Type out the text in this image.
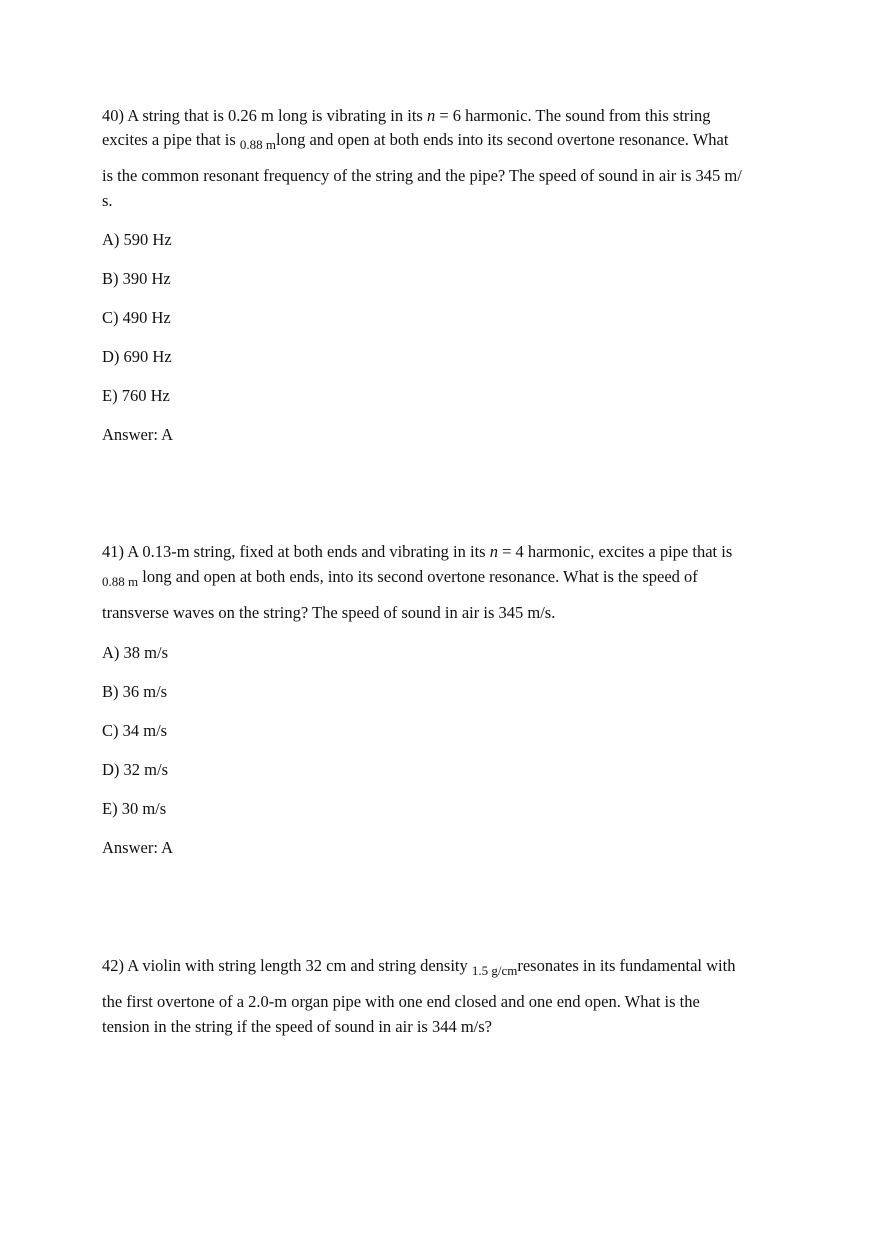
40) A string that is 0.26 m long is vibrating in its n = 6 harmonic. The sound from this string
excites a pipe that is $_{0.88 m}$long and open at both ends into its second overtone resonance. What
is the common resonant frequency of the string and the pipe? The speed of sound in air is 345 m/
s.
A) 590 Hz
B) 390 Hz
C) 490 Hz
D) 690 Hz
E) 760 Hz
Answer: A
41) A 0.13-m string, fixed at both ends and vibrating in its n = 4 harmonic, excites a pipe that is
$_{0.88 m}$ long and open at both ends, into its second overtone resonance. What is the speed of
transverse waves on the string? The speed of sound in air is 345 m/s.
A) 38 m/s
B) 36 m/s
C) 34 m/s
D) 32 m/s
E) 30 m/s
Answer: A
42) A violin with string length 32 cm and string density $_{1.5 g/cm}$resonates in its fundamental with
the first overtone of a 2.0-m organ pipe with one end closed and one end open. What is the
tension in the string if the speed of sound in air is 344 m/s?
